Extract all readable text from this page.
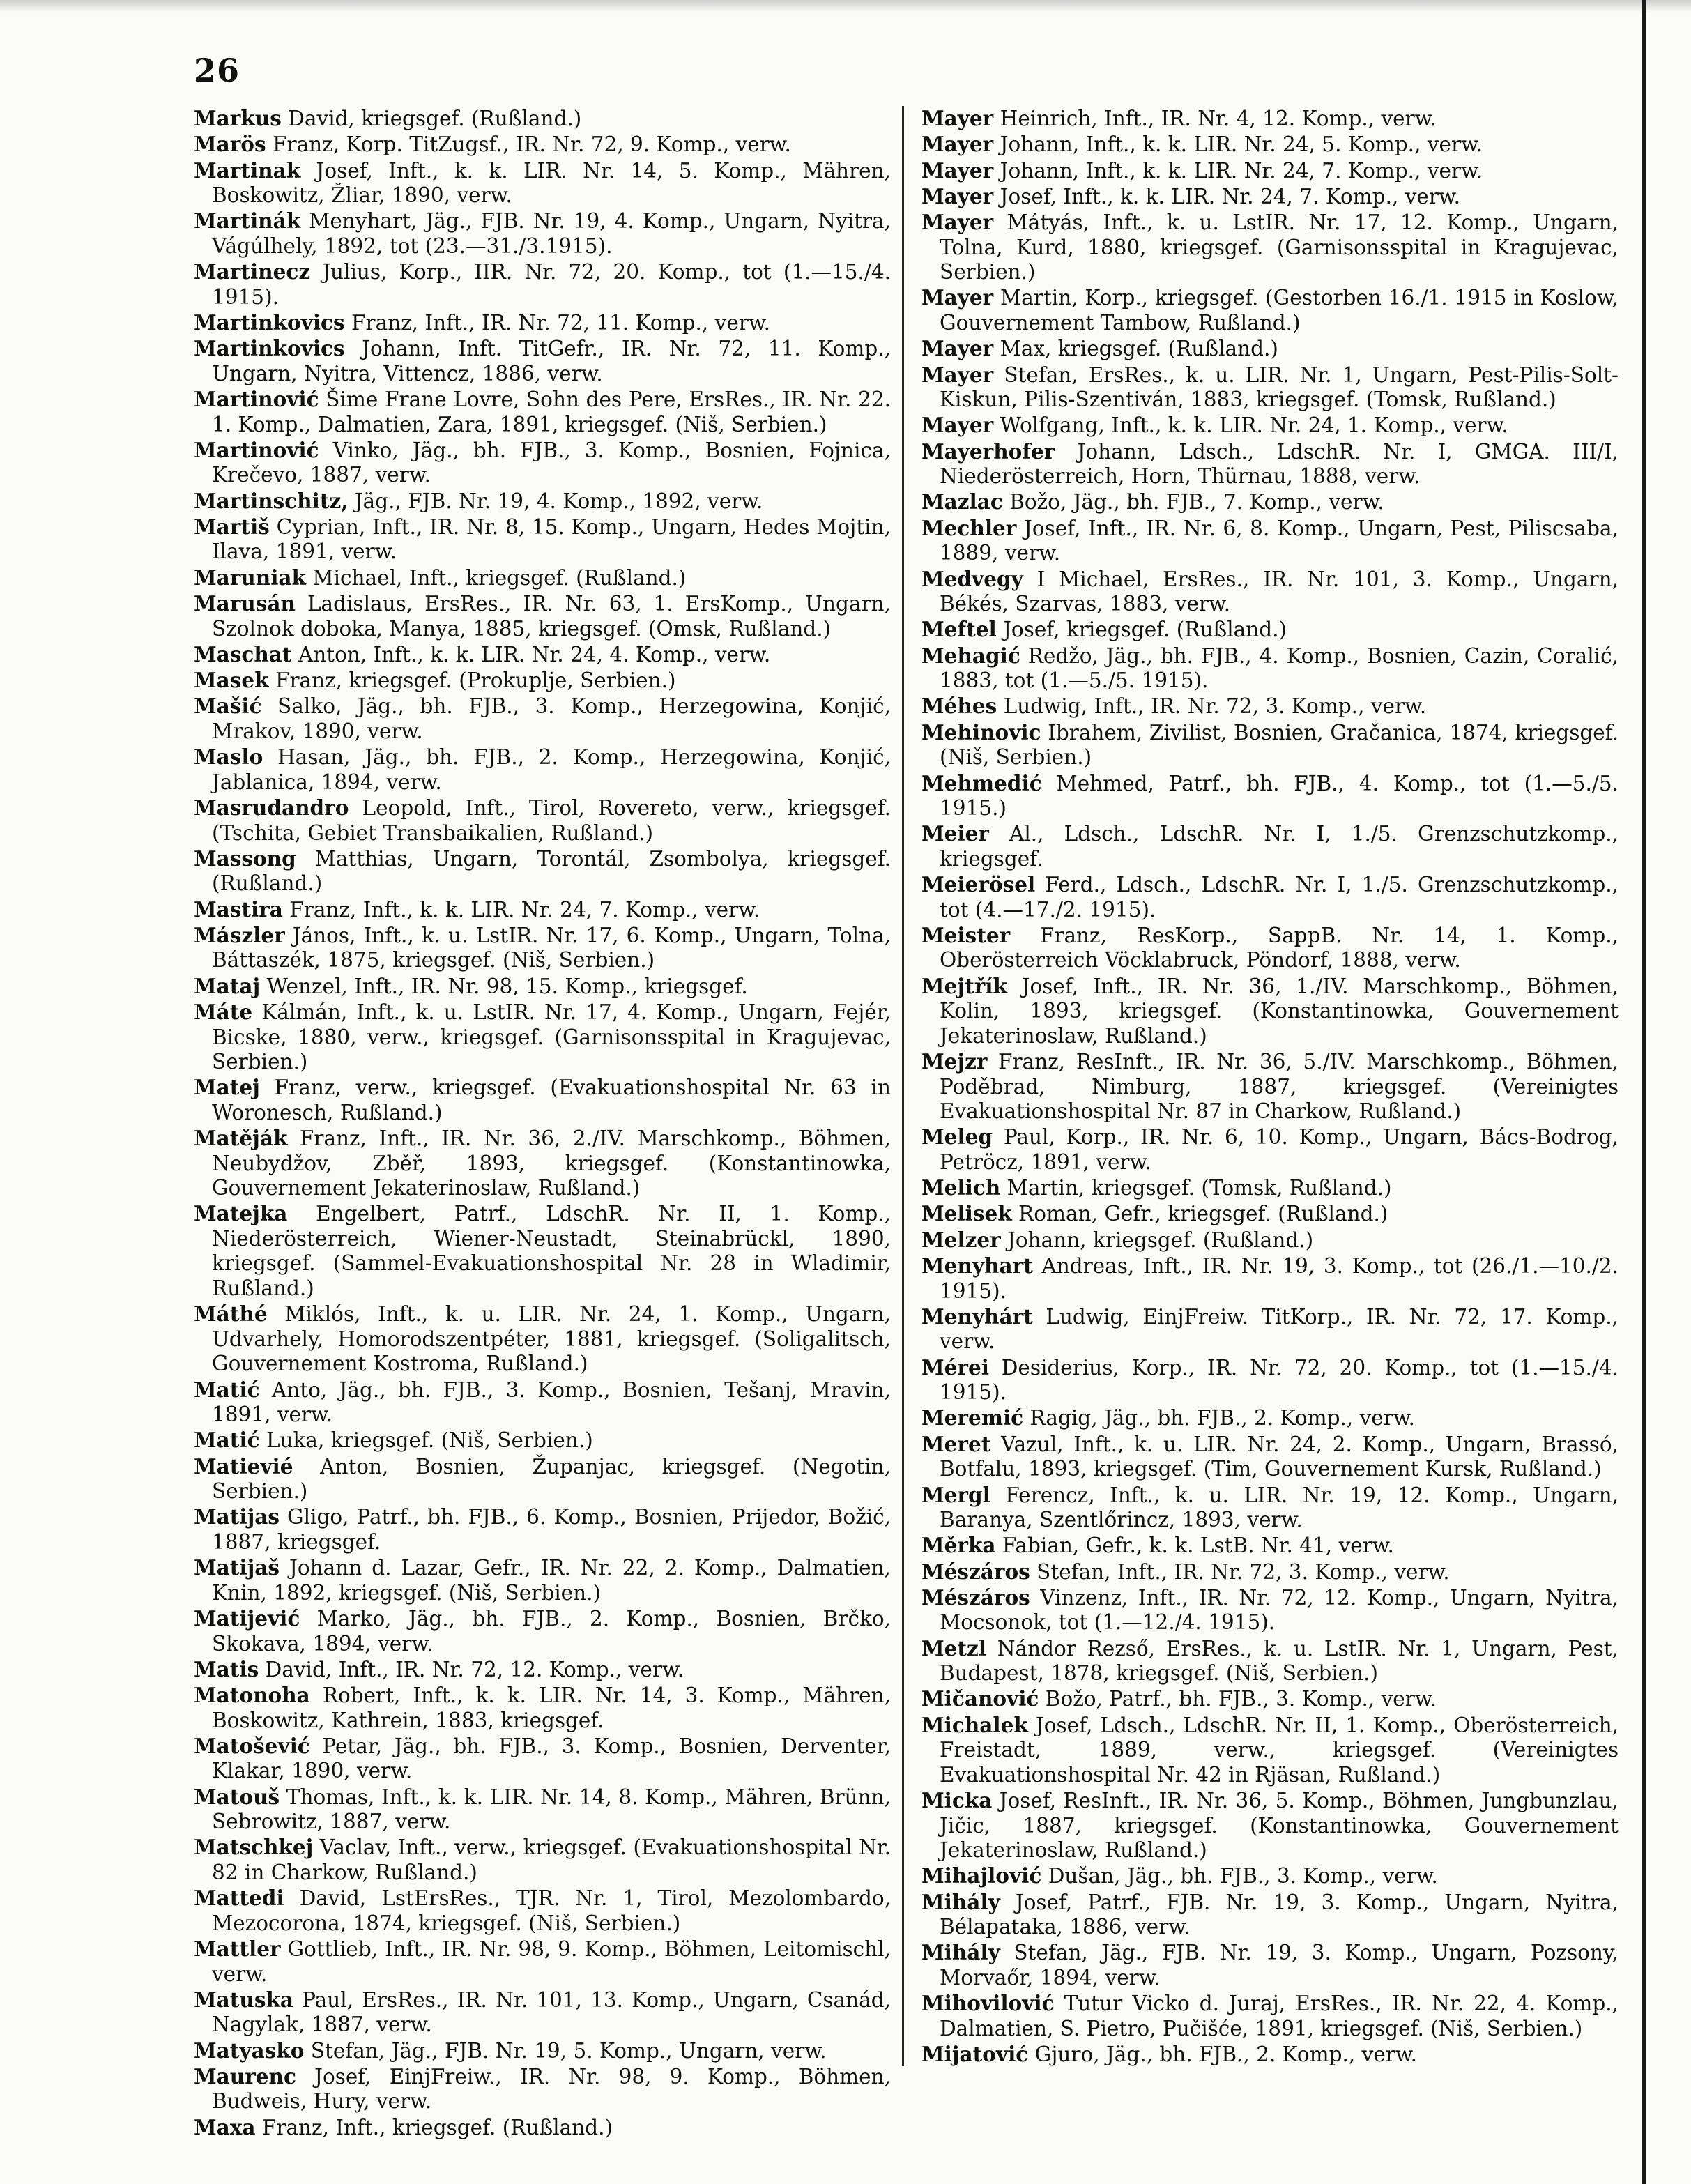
26

Markus David, kriegsgef. (Rußland.)

Marös Franz, Korp. TitZugsf., IR. Nr. 72, 9. Komp., verw.

Martinak Josef, Inft., k. k. LIR. Nr. 14, 5. Komp., Mähren, Boskowitz, Žliar, 1890, verw.

Martinák Menyhart, Jäg., FJB. Nr. 19, 4. Komp., Ungarn, Nyitra, Vágúlhely, 1892, tot (23.—31./3.1915).

Martinecz Julius, Korp., IIR. Nr. 72, 20. Komp., tot (1.—15./4. 1915).

Martinkovics Franz, Inft., IR. Nr. 72, 11. Komp., verw.

Martinkovics Johann, Inft. TitGefr., IR. Nr. 72, 11. Komp., Ungarn, Nyitra, Vittencz, 1886, verw.

Martinović Šime Frane Lovre, Sohn des Pere, ErsRes., IR. Nr. 22. 1. Komp., Dalmatien, Zara, 1891, kriegsgef. (Niš, Serbien.)

Martinović Vinko, Jäg., bh. FJB., 3. Komp., Bosnien, Fojnica, Krečevo, 1887, verw.

Martinschitz, Jäg., FJB. Nr. 19, 4. Komp., 1892, verw.

Martiš Cyprian, Inft., IR. Nr. 8, 15. Komp., Ungarn, Hedes Mojtin, Ilava, 1891, verw.

Maruniak Michael, Inft., kriegsgef. (Rußland.)

Marusán Ladislaus, ErsRes., IR. Nr. 63, 1. ErsKomp., Ungarn, Szolnok doboka, Manya, 1885, kriegsgef. (Omsk, Rußland.)

Maschat Anton, Inft., k. k. LIR. Nr. 24, 4. Komp., verw.

Masek Franz, kriegsgef. (Prokuplje, Serbien.)

Mašić Salko, Jäg., bh. FJB., 3. Komp., Herzegowina, Konjić, Mrakov, 1890, verw.

Maslo Hasan, Jäg., bh. FJB., 2. Komp., Herzegowina, Konjić, Jablanica, 1894, verw.

Masrudandro Leopold, Inft., Tirol, Rovereto, verw., kriegsgef. (Tschita, Gebiet Transbaikalien, Rußland.)

Massong Matthias, Ungarn, Torontál, Zsombolya, kriegsgef. (Rußland.)

Mastira Franz, Inft., k. k. LIR. Nr. 24, 7. Komp., verw.

Mászler János, Inft., k. u. LstIR. Nr. 17, 6. Komp., Ungarn, Tolna, Báttaszék, 1875, kriegsgef. (Niš, Serbien.)

Mataj Wenzel, Inft., IR. Nr. 98, 15. Komp., kriegsgef.

Máte Kálmán, Inft., k. u. LstIR. Nr. 17, 4. Komp., Ungarn, Fejér, Bicske, 1880, verw., kriegsgef. (Garnisonsspital in Kragujevac, Serbien.)

Matej Franz, verw., kriegsgef. (Evakuationshospital Nr. 63 in Woronesch, Rußland.)

Matěják Franz, Inft., IR. Nr. 36, 2./IV. Marschkomp., Böhmen, Neubydžov, Zběř, 1893, kriegsgef. (Konstantinowka, Gouvernement Jekaterinoslaw, Rußland.)

Matejka Engelbert, Patrf., LdschR. Nr. II, 1. Komp., Niederösterreich, Wiener-Neustadt, Steinabrückl, 1890, kriegsgef. (Sammel-Evakuationshospital Nr. 28 in Wladimir, Rußland.)

Máthé Miklós, Inft., k. u. LIR. Nr. 24, 1. Komp., Ungarn, Udvarhely, Homorodszentpéter, 1881, kriegsgef. (Soligalitsch, Gouvernement Kostroma, Rußland.)

Matić Anto, Jäg., bh. FJB., 3. Komp., Bosnien, Tešanj, Mravin, 1891, verw.

Matić Luka, kriegsgef. (Niš, Serbien.)

Matievié Anton, Bosnien, Županjac, kriegsgef. (Negotin, Serbien.)

Matijas Gligo, Patrf., bh. FJB., 6. Komp., Bosnien, Prijedor, Božić, 1887, kriegsgef.

Matijaš Johann d. Lazar, Gefr., IR. Nr. 22, 2. Komp., Dalmatien, Knin, 1892, kriegsgef. (Niš, Serbien.)

Matijević Marko, Jäg., bh. FJB., 2. Komp., Bosnien, Brčko, Skokava, 1894, verw.

Matis David, Inft., IR. Nr. 72, 12. Komp., verw.

Matonoha Robert, Inft., k. k. LIR. Nr. 14, 3. Komp., Mähren, Boskowitz, Kathrein, 1883, kriegsgef.

Matošević Petar, Jäg., bh. FJB., 3. Komp., Bosnien, Derventer, Klakar, 1890, verw.

Matouš Thomas, Inft., k. k. LIR. Nr. 14, 8. Komp., Mähren, Brünn, Sebrowitz, 1887, verw.

Matschkej Vaclav, Inft., verw., kriegsgef. (Evakuationshospital Nr. 82 in Charkow, Rußland.)

Mattedi David, LstErsRes., TJR. Nr. 1, Tirol, Mezolombardo, Mezocorona, 1874, kriegsgef. (Niš, Serbien.)

Mattler Gottlieb, Inft., IR. Nr. 98, 9. Komp., Böhmen, Leitomischl, verw.

Matuska Paul, ErsRes., IR. Nr. 101, 13. Komp., Ungarn, Csanád, Nagylak, 1887, verw.

Matyasko Stefan, Jäg., FJB. Nr. 19, 5. Komp., Ungarn, verw.

Maurenc Josef, EinjFreiw., IR. Nr. 98, 9. Komp., Böhmen, Budweis, Hury, verw.

Maxa Franz, Inft., kriegsgef. (Rußland.)

Mayer Heinrich, Inft., IR. Nr. 4, 12. Komp., verw.

Mayer Johann, Inft., k. k. LIR. Nr. 24, 5. Komp., verw.

Mayer Johann, Inft., k. k. LIR. Nr. 24, 7. Komp., verw.

Mayer Josef, Inft., k. k. LIR. Nr. 24, 7. Komp., verw.

Mayer Mátyás, Inft., k. u. LstIR. Nr. 17, 12. Komp., Ungarn, Tolna, Kurd, 1880, kriegsgef. (Garnisonsspital in Kragujevac, Serbien.)

Mayer Martin, Korp., kriegsgef. (Gestorben 16./1. 1915 in Koslow, Gouvernement Tambow, Rußland.)

Mayer Max, kriegsgef. (Rußland.)

Mayer Stefan, ErsRes., k. u. LIR. Nr. 1, Ungarn, Pest-Pilis-Solt-Kiskun, Pilis-Szentiván, 1883, kriegsgef. (Tomsk, Rußland.)

Mayer Wolfgang, Inft., k. k. LIR. Nr. 24, 1. Komp., verw.

Mayerhofer Johann, Ldsch., LdschR. Nr. I, GMGA. III/I, Niederösterreich, Horn, Thürnau, 1888, verw.

Mazlac Božo, Jäg., bh. FJB., 7. Komp., verw.

Mechler Josef, Inft., IR. Nr. 6, 8. Komp., Ungarn, Pest, Piliscsaba, 1889, verw.

Medvegy I Michael, ErsRes., IR. Nr. 101, 3. Komp., Ungarn, Békés, Szarvas, 1883, verw.

Meftel Josef, kriegsgef. (Rußland.)

Mehagić Redžo, Jäg., bh. FJB., 4. Komp., Bosnien, Cazin, Coralić, 1883, tot (1.—5./5. 1915).

Méhes Ludwig, Inft., IR. Nr. 72, 3. Komp., verw.

Mehinovic Ibrahem, Zivilist, Bosnien, Gračanica, 1874, kriegsgef. (Niš, Serbien.)

Mehmedić Mehmed, Patrf., bh. FJB., 4. Komp., tot (1.—5./5. 1915.)

Meier Al., Ldsch., LdschR. Nr. I, 1./5. Grenzschutzkomp., kriegsgef.

Meierösel Ferd., Ldsch., LdschR. Nr. I, 1./5. Grenzschutzkomp., tot (4.—17./2. 1915).

Meister Franz, ResKorp., SappB. Nr. 14, 1. Komp., Oberösterreich Vöcklabruck, Pöndorf, 1888, verw.

Mejtřík Josef, Inft., IR. Nr. 36, 1./IV. Marschkomp., Böhmen, Kolin, 1893, kriegsgef. (Konstantinowka, Gouvernement Jekaterinoslaw, Rußland.)

Mejzr Franz, ResInft., IR. Nr. 36, 5./IV. Marschkomp., Böhmen, Poděbrad, Nimburg, 1887, kriegsgef. (Vereinigtes Evakuationshospital Nr. 87 in Charkow, Rußland.)

Meleg Paul, Korp., IR. Nr. 6, 10. Komp., Ungarn, Bács-Bodrog, Petröcz, 1891, verw.

Melich Martin, kriegsgef. (Tomsk, Rußland.)

Melisek Roman, Gefr., kriegsgef. (Rußland.)

Melzer Johann, kriegsgef. (Rußland.)

Menyhart Andreas, Inft., IR. Nr. 19, 3. Komp., tot (26./1.—10./2. 1915).

Menyhárt Ludwig, EinjFreiw. TitKorp., IR. Nr. 72, 17. Komp., verw.

Mérei Desiderius, Korp., IR. Nr. 72, 20. Komp., tot (1.—15./4. 1915).

Meremić Ragig, Jäg., bh. FJB., 2. Komp., verw.

Meret Vazul, Inft., k. u. LIR. Nr. 24, 2. Komp., Ungarn, Brassó, Botfalu, 1893, kriegsgef. (Tim, Gouvernement Kursk, Rußland.)

Mergl Ferencz, Inft., k. u. LIR. Nr. 19, 12. Komp., Ungarn, Baranya, Szentlőrincz, 1893, verw.

Měrka Fabian, Gefr., k. k. LstB. Nr. 41, verw.

Mészáros Stefan, Inft., IR. Nr. 72, 3. Komp., verw.

Mészáros Vinzenz, Inft., IR. Nr. 72, 12. Komp., Ungarn, Nyitra, Mocsonok, tot (1.—12./4. 1915).

Metzl Nándor Rezső, ErsRes., k. u. LstIR. Nr. 1, Ungarn, Pest, Budapest, 1878, kriegsgef. (Niš, Serbien.)

Mičanović Božo, Patrf., bh. FJB., 3. Komp., verw.

Michalek Josef, Ldsch., LdschR. Nr. II, 1. Komp., Oberösterreich, Freistadt, 1889, verw., kriegsgef. (Vereinigtes Evakuationshospital Nr. 42 in Rjäsan, Rußland.)

Micka Josef, ResInft., IR. Nr. 36, 5. Komp., Böhmen, Jungbunzlau, Jičic, 1887, kriegsgef. (Konstantinowka, Gouvernement Jekaterinoslaw, Rußland.)

Mihajlović Dušan, Jäg., bh. FJB., 3. Komp., verw.

Mihály Josef, Patrf., FJB. Nr. 19, 3. Komp., Ungarn, Nyitra, Bélapataka, 1886, verw.

Mihály Stefan, Jäg., FJB. Nr. 19, 3. Komp., Ungarn, Pozsony, Morvaőr, 1894, verw.

Mihovilović Tutur Vicko d. Juraj, ErsRes., IR. Nr. 22, 4. Komp., Dalmatien, S. Pietro, Pučišće, 1891, kriegsgef. (Niš, Serbien.)

Mijatović Gjuro, Jäg., bh. FJB., 2. Komp., verw.
